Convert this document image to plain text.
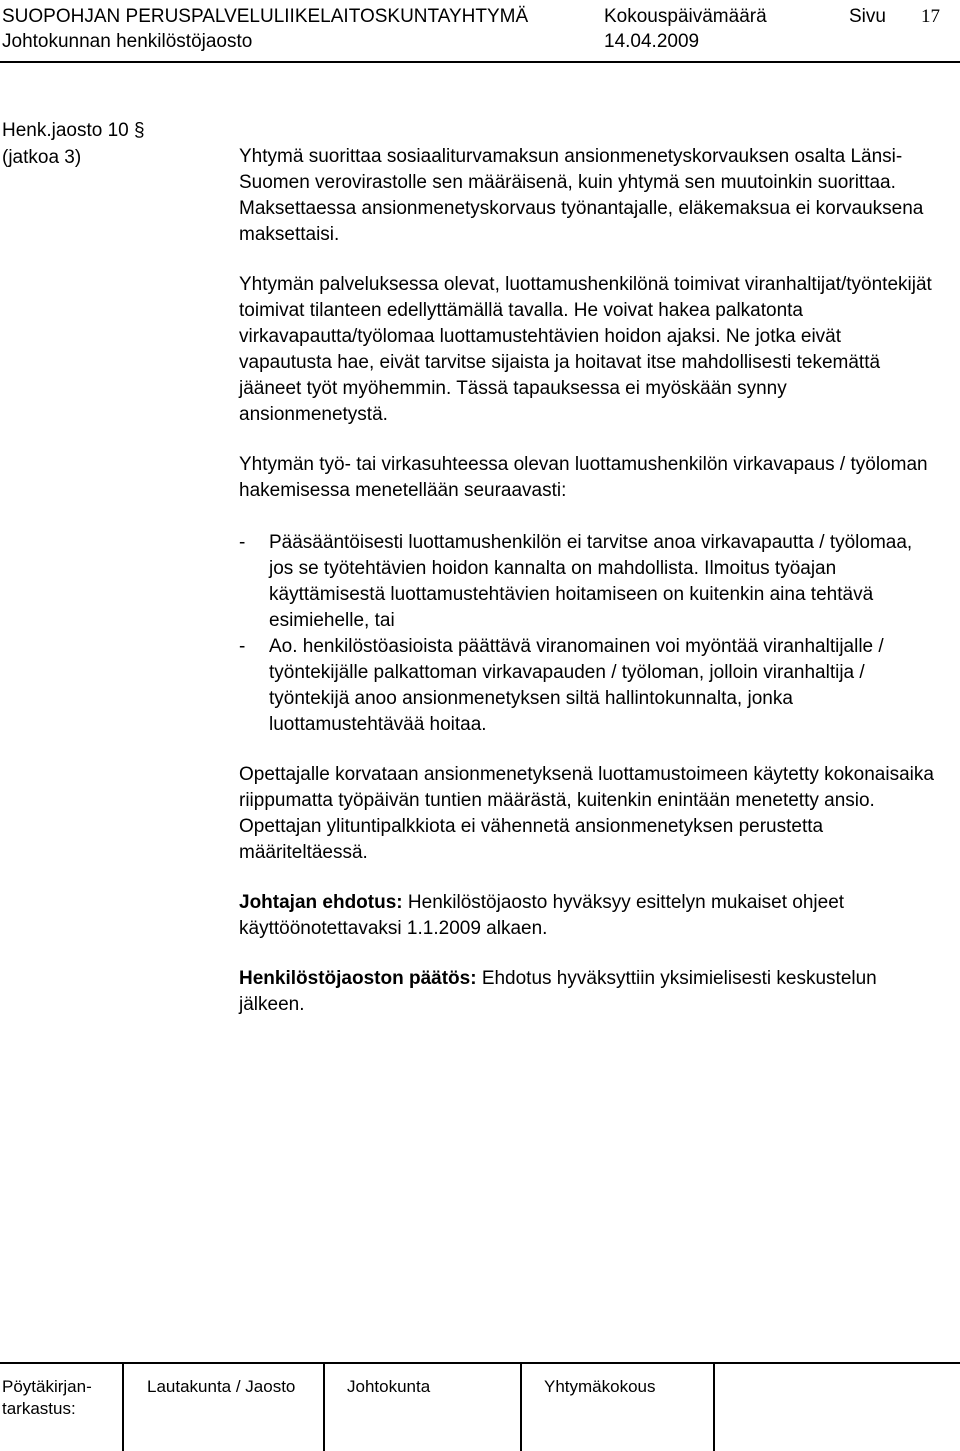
SUOPOHJAN PERUSPALVELULIIKELAITOSKUNTAYHTYMÄ	Kokouspäivämäärä	Sivu 17
Johtokunnan henkilöstöjaosto	14.04.2009
Henk.jaosto 10 §
(jatkoa 3)	Yhtymä suorittaa sosiaaliturvamaksun ansionmenetyskorvauksen osalta Länsi-Suomen verovirastolle sen määräisenä, kuin yhtymä sen muutoinkin suorittaa. Maksettaessa ansionmenetyskorvaus työnantajalle, eläkemaksua ei korvauksena maksettaisi.

Yhtymän palveluksessa olevat, luottamushenkilönä toimivat viranhaltijat/työntekijät toimivat tilanteen edellyttämällä tavalla. He voivat hakea palkatonta virkavapautta/työlomaa luottamustehtävien hoidon ajaksi. Ne jotka eivät vapautusta hae, eivät tarvitse sijaista ja hoitavat itse mahdollisesti tekemättä jääneet työt myöhemmin. Tässä tapauksessa ei myöskään synny ansionmenetystä.

Yhtymän työ- tai virkasuhteessa olevan luottamushenkilön virkavapaus / työloman hakemisessa menetellään seuraavasti:

- Pääsääntöisesti luottamushenkilön ei tarvitse anoa virkavapautta / työlomaa, jos se työtehtävien hoidon kannalta on mahdollista. Ilmoitus työajan käyttämisestä luottamustehtävien hoitamiseen on kuitenkin aina tehtävä esimiehelle, tai
- Ao. henkilöstöasioista päättävä viranomainen voi myöntää viranhaltijalle / työntekijälle palkattoman virkavapauden / työloman, jolloin viranhaltija / työntekijä anoo ansionmenetyksen siltä hallintokunnalta, jonka luottamustehtävää hoitaa.

Opettajalle korvataan ansionmenetyksenä luottamustoimeen käytetty kokonaisaika riippumatta työpäivän tuntien määrästä, kuitenkin enintään menetetty ansio. Opettajan ylituntipalkkiota ei vähennetä ansionmenetyksen perustetta määriteltäessä.

Johtajan ehdotus: Henkilöstöjaosto hyväksyy esittelyn mukaiset ohjeet käyttöönotettavaksi 1.1.2009 alkaen.

Henkilöstöjaoston päätös: Ehdotus hyväksyttiin yksimielisesti keskustelun jälkeen.

Pöytäkirjan-
tarkastus:
Lautakunta / Jaosto	Johtokunta	Yhtymäkokous
